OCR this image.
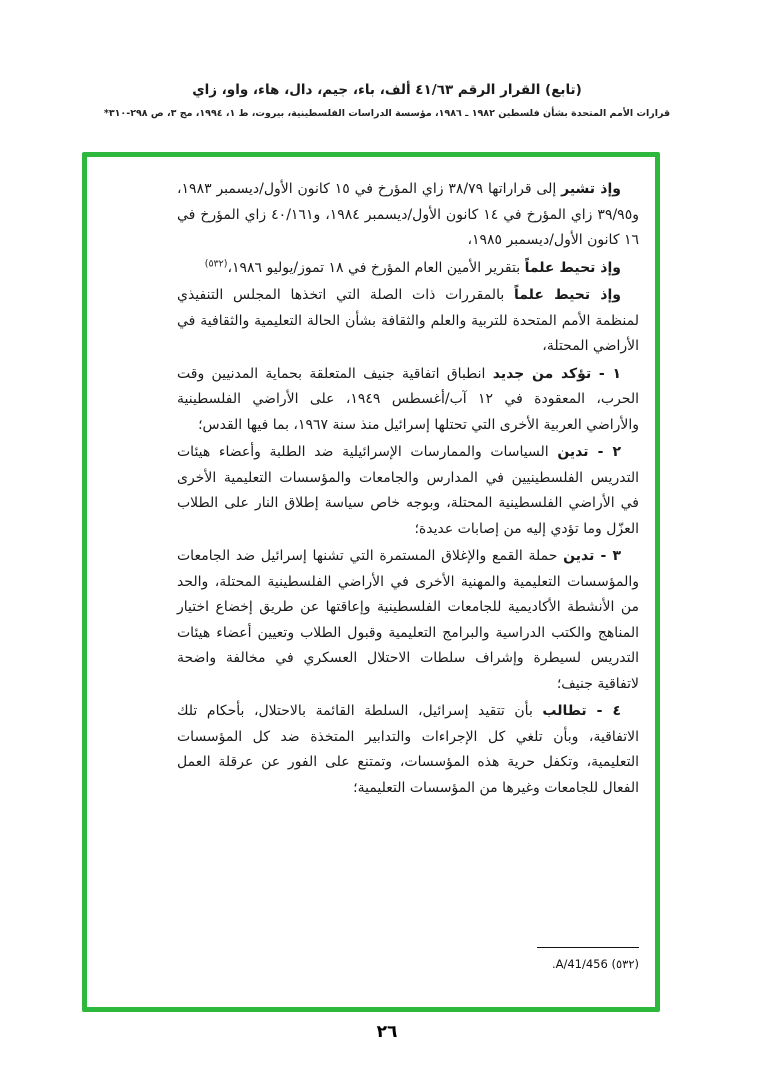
(تابع) القرار الرقم ٤١/٦٣ ألف، باء، جيم، دال، هاء، واو، زاي
قرارات الأمم المتحدة بشأن فلسطين ١٩٨٢ ـ ١٩٨٦، مؤسسة الدراسات الفلسطينية، بيروت، ط ١، ١٩٩٤، مج ٣، ص ٢٩٨-٣١٠*

وإذ تشير إلى قراراتها ٣٨/٧٩ زاي المؤرخ في ١٥ كانون الأول/ديسمبر ١٩٨٣، و٣٩/٩٥ زاي المؤرخ في ١٤ كانون الأول/ديسمبر ١٩٨٤، و٤٠/١٦١ زاي المؤرخ في ١٦ كانون الأول/ديسمبر ١٩٨٥،

وإذ تحيط علماً بتقرير الأمين العام المؤرخ في ١٨ تموز/يوليو ١٩٨٦،$^{(٥٣٢)}$

وإذ تحيط علماً بالمقررات ذات الصلة التي اتخذها المجلس التنفيذي لمنظمة الأمم المتحدة للتربية والعلم والثقافة بشأن الحالة التعليمية والثقافية في الأراضي المحتلة،

١ - تؤكد من جديد انطباق اتفاقية جنيف المتعلقة بحماية المدنيين وقت الحرب، المعقودة في ١٢ آب/أغسطس ١٩٤٩، على الأراضي الفلسطينية والأراضي العربية الأخرى التي تحتلها إسرائيل منذ سنة ١٩٦٧، بما فيها القدس؛

٢ - تدين السياسات والممارسات الإسرائيلية ضد الطلبة وأعضاء هيئات التدريس الفلسطينيين في المدارس والجامعات والمؤسسات التعليمية الأخرى في الأراضي الفلسطينية المحتلة، وبوجه خاص سياسة إطلاق النار على الطلاب العزّل وما تؤدي إليه من إصابات عديدة؛

٣ - تدين حملة القمع والإغلاق المستمرة التي تشنها إسرائيل ضد الجامعات والمؤسسات التعليمية والمهنية الأخرى في الأراضي الفلسطينية المحتلة، والحد من الأنشطة الأكاديمية للجامعات الفلسطينية وإعاقتها عن طريق إخضاع اختيار المناهج والكتب الدراسية والبرامج التعليمية وقبول الطلاب وتعيين أعضاء هيئات التدريس لسيطرة وإشراف سلطات الاحتلال العسكري في مخالفة واضحة لاتفاقية جنيف؛

٤ - تطالب بأن تتقيد إسرائيل، السلطة القائمة بالاحتلال، بأحكام تلك الاتفاقية، وبأن تلغي كل الإجراءات والتدابير المتخذة ضد كل المؤسسات التعليمية، وتكفل حرية هذه المؤسسات، وتمتنع على الفور عن عرقلة العمل الفعال للجامعات وغيرها من المؤسسات التعليمية؛

(٥٣٢) A/41/456.
٢٦
